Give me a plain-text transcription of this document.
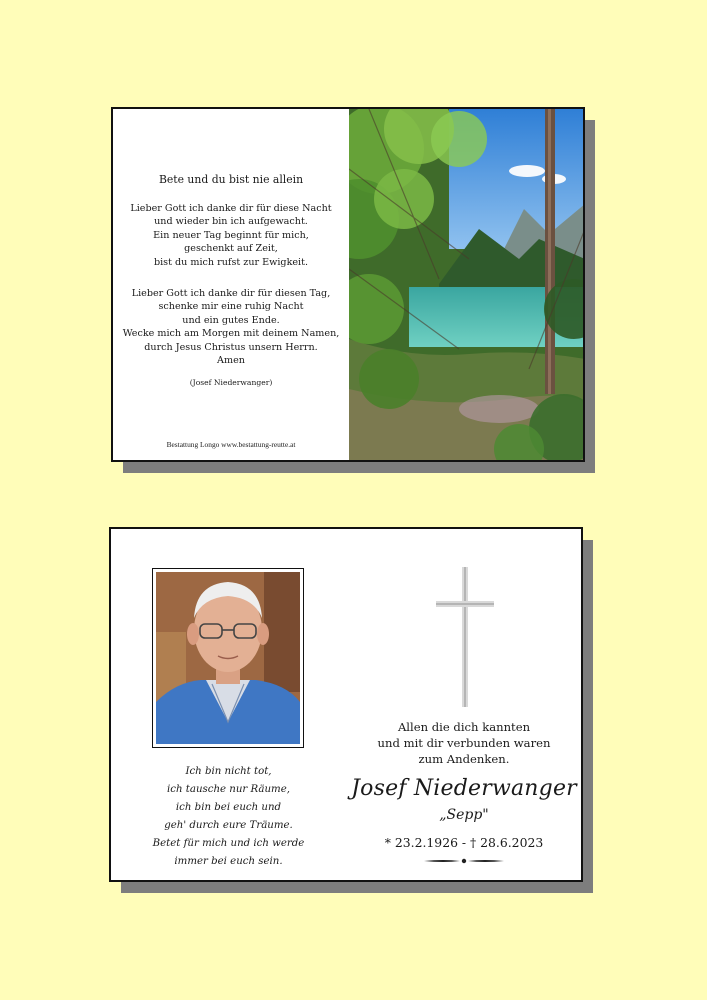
Bete und du bist nie allein
Lieber Gott ich danke dir für diese Nacht
und wieder bin ich aufgewacht.
Ein neuer Tag beginnt für mich,
geschenkt auf Zeit,
bist du mich rufst zur Ewigkeit.
Lieber Gott ich danke dir für diesen Tag,
schenke mir eine ruhig Nacht
und ein gutes Ende.
Wecke mich am Morgen mit deinem Namen,
durch Jesus Christus unsern Herrn.
Amen
(Josef Niederwanger)
Bestattung Longo www.bestattung-reutte.at
Ich bin nicht tot,
ich tausche nur Räume,
ich bin bei euch und
geh' durch eure Träume.
Betet für mich und ich werde
immer bei euch sein.
Allen die dich kannten
und mit dir verbunden waren
zum Andenken.
Josef Niederwanger
„Sepp"
* 23.2.1926 - † 28.6.2023
